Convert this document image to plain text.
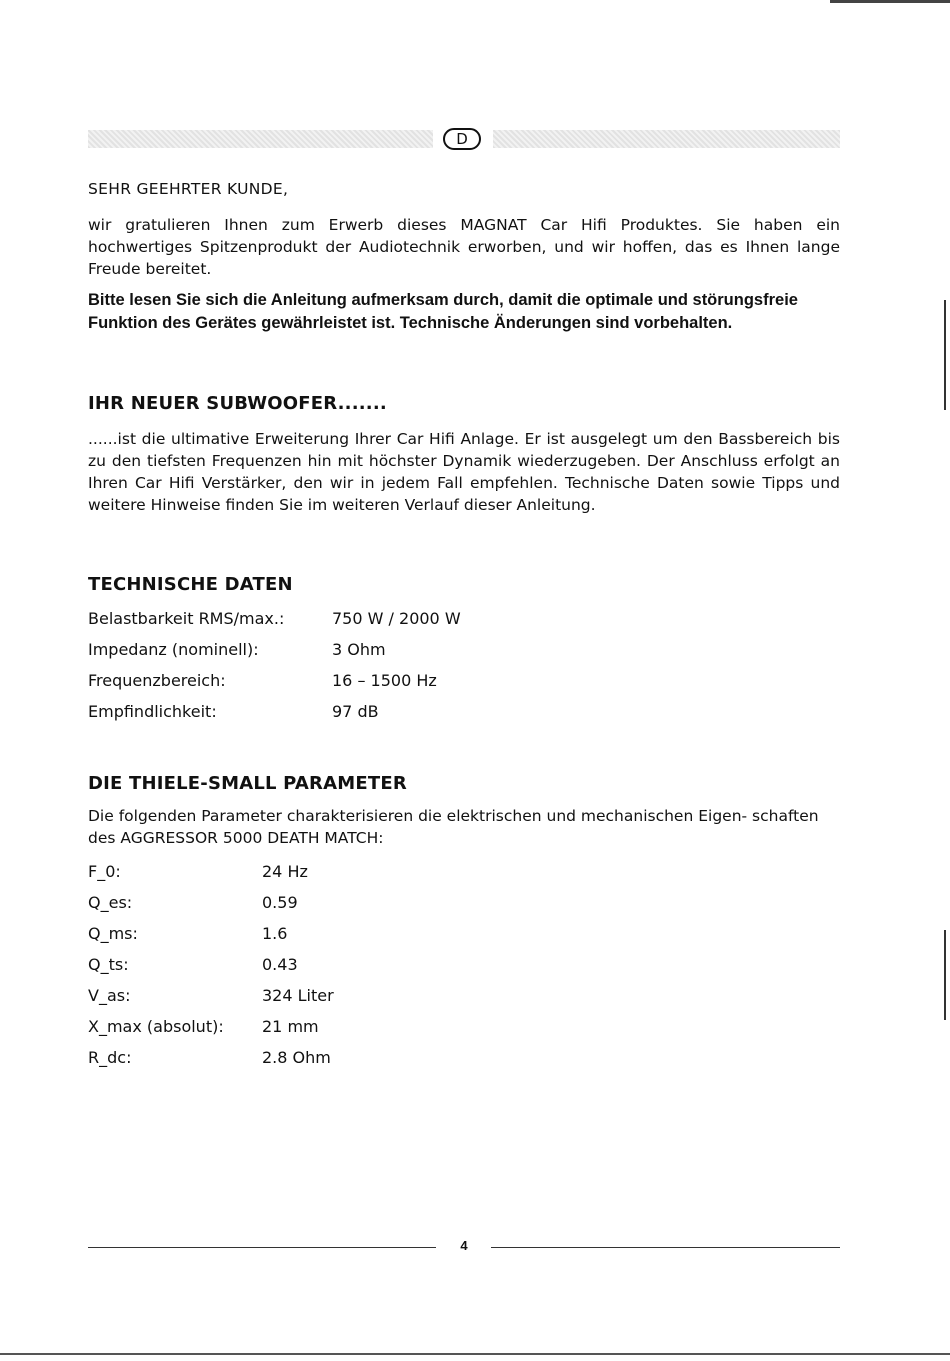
D

SEHR GEEHRTER KUNDE,

wir gratulieren Ihnen zum Erwerb dieses MAGNAT Car Hifi Produktes. Sie haben ein hochwertiges Spitzenprodukt der Audiotechnik erworben, und wir hoffen, das es Ihnen lange Freude bereitet.

Bitte lesen Sie sich die Anleitung aufmerksam durch, damit die optimale und störungsfreie Funktion des Gerätes gewährleistet ist. Technische Änderungen sind vorbehalten.

IHR NEUER SUBWOOFER.......

......ist die ultimative Erweiterung Ihrer Car Hifi Anlage. Er ist ausgelegt um den Bassbereich bis zu den tiefsten Frequenzen hin mit höchster Dynamik wiederzugeben. Der Anschluss erfolgt an Ihren Car Hifi Verstärker, den wir in jedem Fall empfehlen. Technische Daten sowie Tipps und weitere Hinweise finden Sie im weiteren Verlauf dieser Anleitung.

TECHNISCHE DATEN
Belastbarkeit RMS/max.:	750 W / 2000 W
Impedanz (nominell):	3 Ohm
Frequenzbereich:	16 – 1500 Hz
Empfindlichkeit:	97 dB
DIE THIELE-SMALL PARAMETER

Die folgenden Parameter charakterisieren die elektrischen und mechanischen Eigen- schaften des AGGRESSOR 5000 DEATH MATCH:

F_0:	24 Hz
Q_es:	0.59
Q_ms:	1.6
Q_ts:	0.43
V_as:	324 Liter
X_max (absolut):	21 mm
R_dc:	2.8 Ohm
4
